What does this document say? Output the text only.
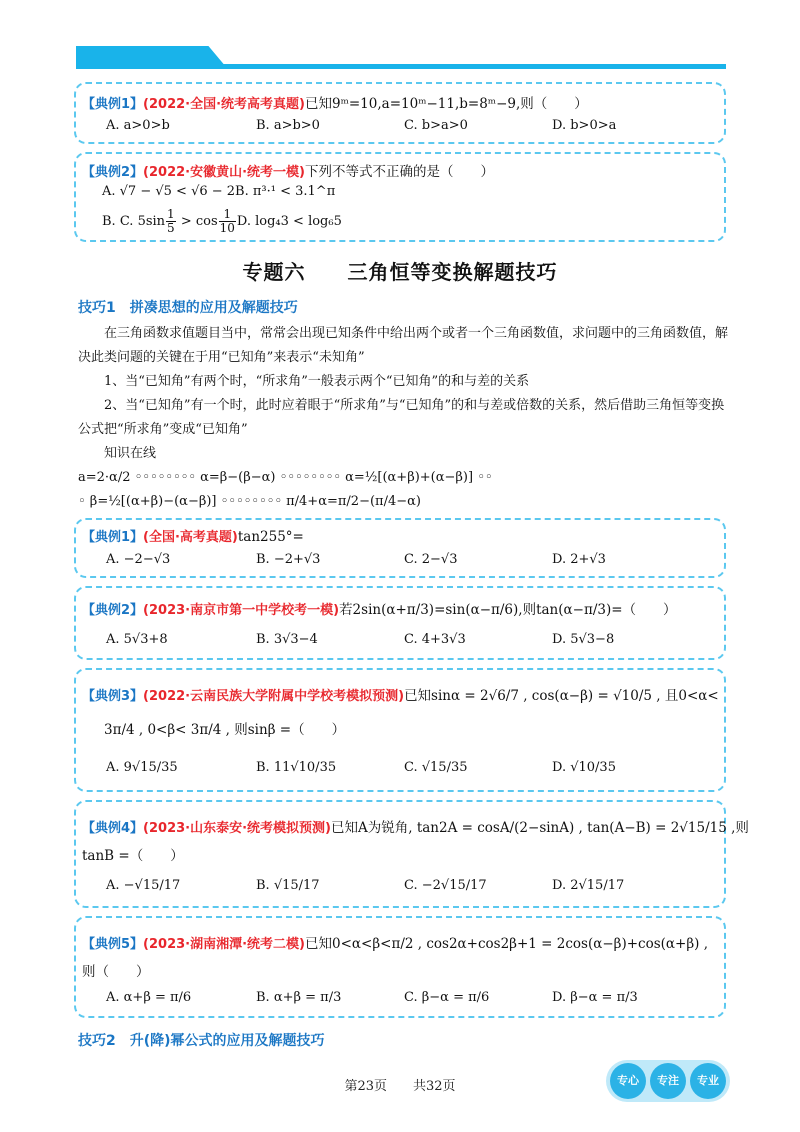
【典例1】(2022·全国·统考高考真题)已知9ᵐ=10,a=10ᵐ−11,b=8ᵐ−9,则（　　）
A. a>0>b	B. a>b>0	C. b>a>0	D. b>0>a
【典例2】(2022·安徽黄山·统考一模)下列不等式不正确的是（　　）
A. √7 − √5 < √6 − 2B. π³·¹ < 3.1^π
B. C. $5\sin \frac{1}{5} > \cos \frac{1}{10} D$. log₄3 < log₆5
专题六　　三角恒等变换解题技巧
技巧1　拼凑思想的应用及解题技巧
　　在三角函数求值题目当中，常常会出现已知条件中给出两个或者一个三角函数值，求问题中的三角函数值，解决此类问题的关键在于用“已知角”来表示“未知角”
　　1、当“已知角”有两个时，“所求角”一般表示两个“已知角”的和与差的关系
　　2、当“已知角”有一个时，此时应着眼于“所求角”与“已知角”的和与差或倍数的关系，然后借助三角恒等变换公式把“所求角”变成“已知角”
　　知识在线
a=2·α/2 ◦◦◦◦◦◦◦◦ α=β−(β−α) ◦◦◦◦◦◦◦◦ α=½[(α+β)+(α−β)] ◦◦
◦ β=½[(α+β)−(α−β)] ◦◦◦◦◦◦◦◦ π/4+α=π/2−(π/4−α)
【典例1】(全国·高考真题)tan255°=
A. −2−√3	B. −2+√3	C. 2−√3	D. 2+√3
【典例2】(2023·南京市第一中学校考一模)若2sin(α+π/3)=sin(α−π/6),则tan(α−π/3)=（　　）
A. 5√3+8	B. 3√3−4	C. 4+3√3	D. 5√3−8
【典例3】(2022·云南民族大学附属中学校考模拟预测)已知sinα = 2√6/7 , cos(α−β) = √10/5 , 且0<α<
3π/4 , 0<β< 3π/4 , 则sinβ =（　　）
A. 9√15/35	B. 11√10/35	C. √15/35	D. √10/35
【典例4】(2023·山东泰安·统考模拟预测)已知A为锐角, tan2A = cosA/(2−sinA) , tan(A−B) = 2√15/15 ,则
tanB =（　　）
A. −√15/17	B. √15/17	C. −2√15/17	D. 2√15/17
【典例5】(2023·湖南湘潭·统考二模)已知0<α<β<π/2 , cos2α+cos2β+1 = 2cos(α−β)+cos(α+β) ,
则（　　）
A. α+β = π/6	B. α+β = π/3	C. β−α = π/6	D. β−α = π/3
技巧2　升(降)幂公式的应用及解题技巧
第23页　　共32页	专心	专注	专业
